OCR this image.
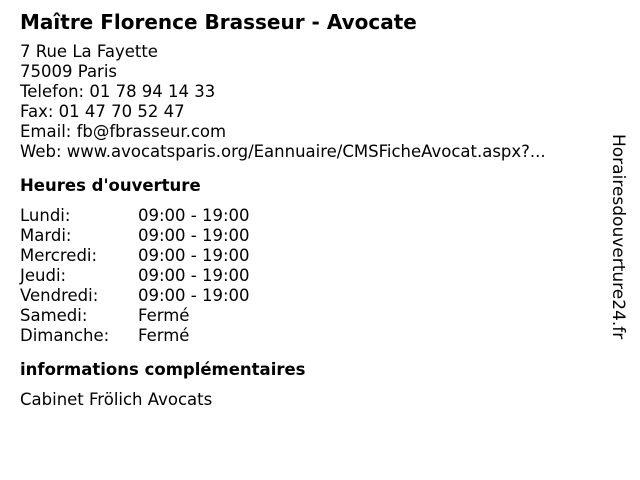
Maître Florence Brasseur - Avocate
7 Rue La Fayette
75009 Paris
Telefon: 01 78 94 14 33
Fax: 01 47 70 52 47
Email: fb@fbrasseur.com
Web: www.avocatsparis.org/Eannuaire/CMSFicheAvocat.aspx?...
Heures d'ouverture
Lundi:	09:00 - 19:00
Mardi:	09:00 - 19:00
Mercredi:	09:00 - 19:00
Jeudi:	09:00 - 19:00
Vendredi:	09:00 - 19:00
Samedi:	Fermé
Dimanche:	Fermé
informations complémentaires
Cabinet Frölich Avocats
Horairesdouverture24.fr
